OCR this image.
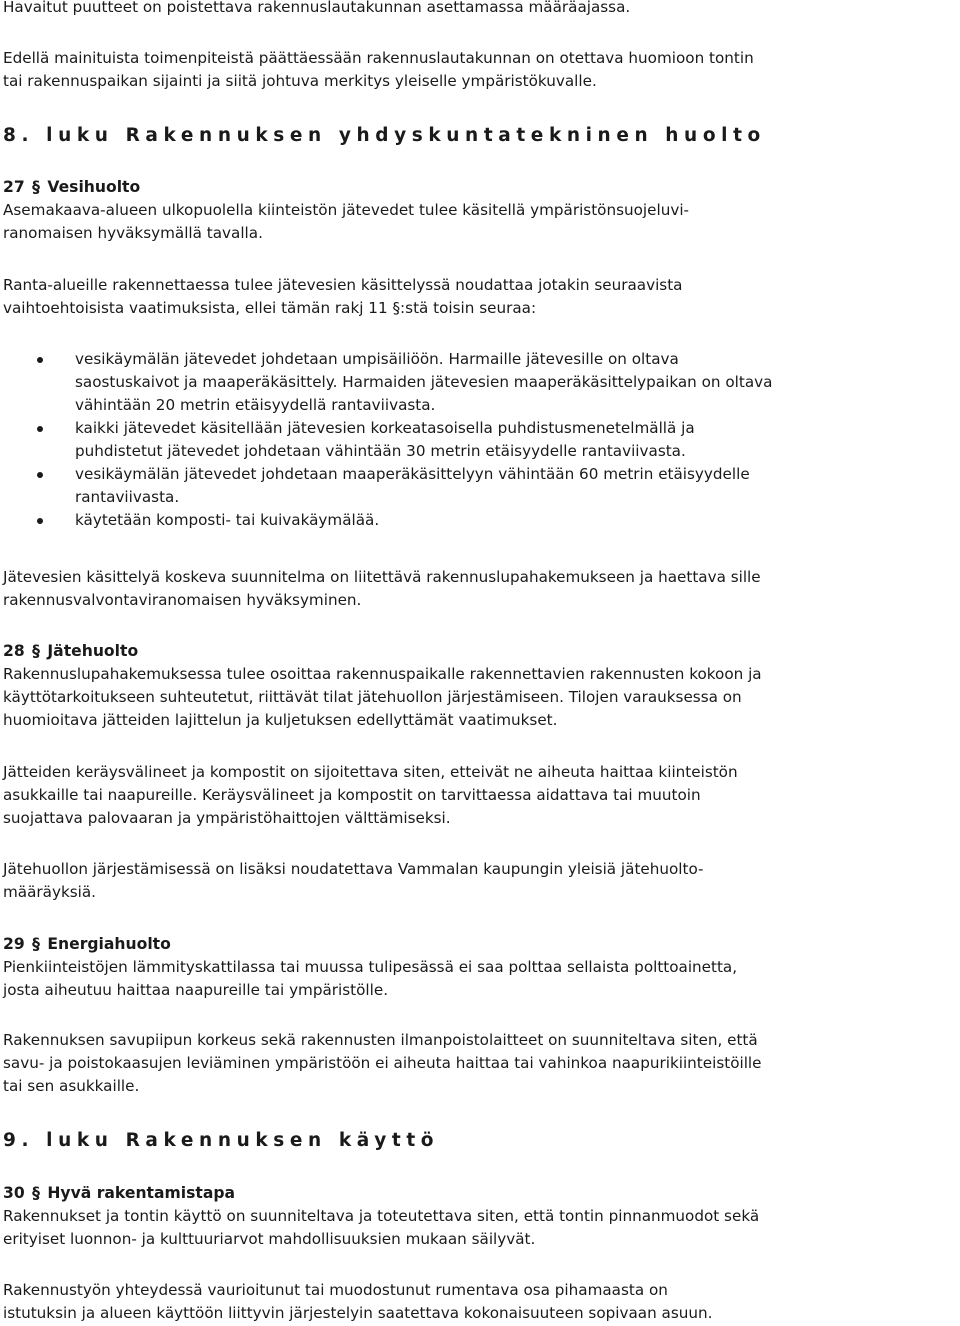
Havaitut puutteet on poistettava rakennuslautakunnan asettamassa määräajassa.
Edellä mainituista toimenpiteistä päättäessään rakennuslautakunnan on otettava huomioon tontin
tai rakennuspaikan sijainti ja siitä johtuva merkitys yleiselle ympäristökuvalle.
8. luku Rakennuksen yhdyskuntatekninen huolto
27 § Vesihuolto
Asemakaava-alueen ulkopuolella kiinteistön jätevedet tulee käsitellä ympäristönsuojeluvi-
ranomaisen hyväksymällä tavalla.
Ranta-alueille rakennettaessa tulee jätevesien käsittelyssä noudattaa jotakin seuraavista
vaihtoehtoisista vaatimuksista, ellei tämän rakj 11 §:stä toisin seuraa:
vesikäymälän jätevedet johdetaan umpisäiliöön. Harmaille jätevesille on oltava
saostuskaivot ja maaperäkäsittely. Harmaiden jätevesien maaperäkäsittelypaikan on oltava
vähintään 20 metrin etäisyydellä rantaviivasta.
kaikki jätevedet käsitellään jätevesien korkeatasoisella puhdistusmenetelmällä ja
puhdistetut jätevedet johdetaan vähintään 30 metrin etäisyydelle rantaviivasta.
vesikäymälän jätevedet johdetaan maaperäkäsittelyyn vähintään 60 metrin etäisyydelle
rantaviivasta.
käytetään komposti- tai kuivakäymälää.
Jätevesien käsittelyä koskeva suunnitelma on liitettävä rakennuslupahakemukseen ja haettava sille
rakennusvalvontaviranomaisen hyväksyminen.
28 § Jätehuolto
Rakennuslupahakemuksessa tulee osoittaa rakennuspaikalle rakennettavien rakennusten kokoon ja
käyttötarkoitukseen suhteutetut, riittävät tilat jätehuollon järjestämiseen. Tilojen varauksessa on
huomioitava jätteiden lajittelun ja kuljetuksen edellyttämät vaatimukset.
Jätteiden keräysvälineet ja kompostit on sijoitettava siten, etteivät ne aiheuta haittaa kiinteistön
asukkaille tai naapureille. Keräysvälineet ja kompostit on tarvittaessa aidattava tai muutoin
suojattava palovaaran ja ympäristöhaittojen välttämiseksi.
Jätehuollon järjestämisessä on lisäksi noudatettava Vammalan kaupungin yleisiä jätehuolto-
määräyksiä.
29 § Energiahuolto
Pienkiinteistöjen lämmityskattilassa tai muussa tulipesässä ei saa polttaa sellaista polttoainetta,
josta aiheutuu haittaa naapureille tai ympäristölle.
Rakennuksen savupiipun korkeus sekä rakennusten ilmanpoistolaitteet on suunniteltava siten, että
savu- ja poistokaasujen leviäminen ympäristöön ei aiheuta haittaa tai vahinkoa naapurikiinteistöille
tai sen asukkaille.
9. luku Rakennuksen käyttö
30 § Hyvä rakentamistapa
Rakennukset ja tontin käyttö on suunniteltava ja toteutettava siten, että tontin pinnanmuodot sekä
erityiset luonnon- ja kulttuuriarvot mahdollisuuksien mukaan säilyvät.
Rakennustyön yhteydessä vaurioitunut tai muodostunut rumentava osa pihamaasta on
istutuksin ja alueen käyttöön liittyvin järjestelyin saatettava kokonaisuuteen sopivaan asuun.
